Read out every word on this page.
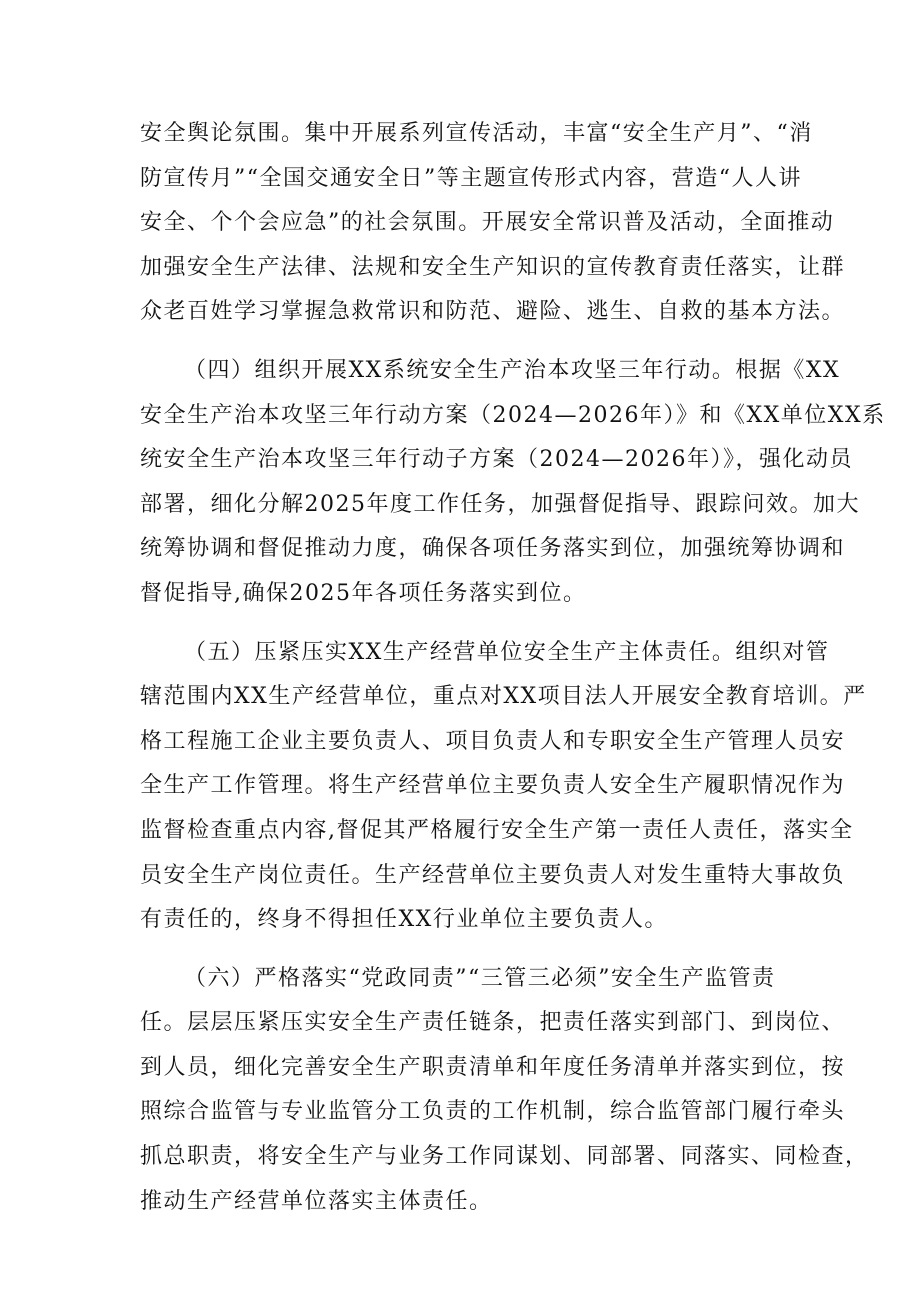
安全舆论氛围。集中开展系列宣传活动，丰富“安全生产月”、“消
防宣传月”“全国交通安全日”等主题宣传形式内容，营造“人人讲
安全、个个会应急”的社会氛围。开展安全常识普及活动，全面推动
加强安全生产法律、法规和安全生产知识的宣传教育责任落实，让群
众老百姓学习掌握急救常识和防范、避险、逃生、自救的基本方法。
（四）组织开展XX系统安全生产治本攻坚三年行动。根据《XX
安全生产治本攻坚三年行动方案（2024—2026年）》和《XX单位XX系
统安全生产治本攻坚三年行动子方案（2024—2026年）》，强化动员
部署，细化分解2025年度工作任务，加强督促指导、跟踪问效。加大
统筹协调和督促推动力度，确保各项任务落实到位，加强统筹协调和
督促指导,确保2025年各项任务落实到位。
（五）压紧压实XX生产经营单位安全生产主体责任。组织对管
辖范围内XX生产经营单位，重点对XX项目法人开展安全教育培训。严
格工程施工企业主要负责人、项目负责人和专职安全生产管理人员安
全生产工作管理。将生产经营单位主要负责人安全生产履职情况作为
监督检查重点内容,督促其严格履行安全生产第一责任人责任，落实全
员安全生产岗位责任。生产经营单位主要负责人对发生重特大事故负
有责任的，终身不得担任XX行业单位主要负责人。
（六）严格落实“党政同责”“三管三必须”安全生产监管责
任。层层压紧压实安全生产责任链条，把责任落实到部门、到岗位、
到人员，细化完善安全生产职责清单和年度任务清单并落实到位，按
照综合监管与专业监管分工负责的工作机制，综合监管部门履行牵头
抓总职责，将安全生产与业务工作同谋划、同部署、同落实、同检查，
推动生产经营单位落实主体责任。
